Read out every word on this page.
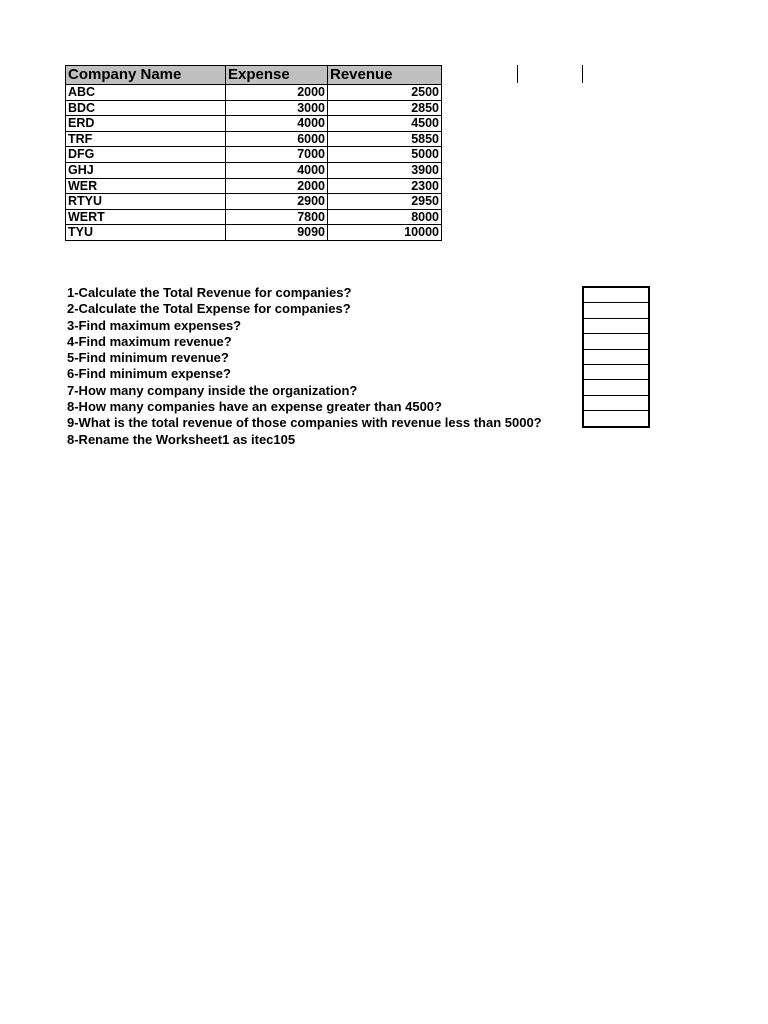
Company Name	Expense	Revenue
ABC	2000	2500
BDC	3000	2850
ERD	4000	4500
TRF	6000	5850
DFG	7000	5000
GHJ	4000	3900
WER	2000	2300
RTYU	2900	2950
WERT	7800	8000
TYU	9090	10000
1-Calculate the Total Revenue for companies?
2-Calculate the Total Expense for companies?
3-Find maximum expenses?
4-Find maximum revenue?
5-Find minimum revenue?
6-Find minimum expense?
7-How many company inside the organization?
8-How many companies have an expense greater than 4500?
9-What is the total revenue of those companies with revenue less than 5000?
8-Rename the Worksheet1 as itec105
